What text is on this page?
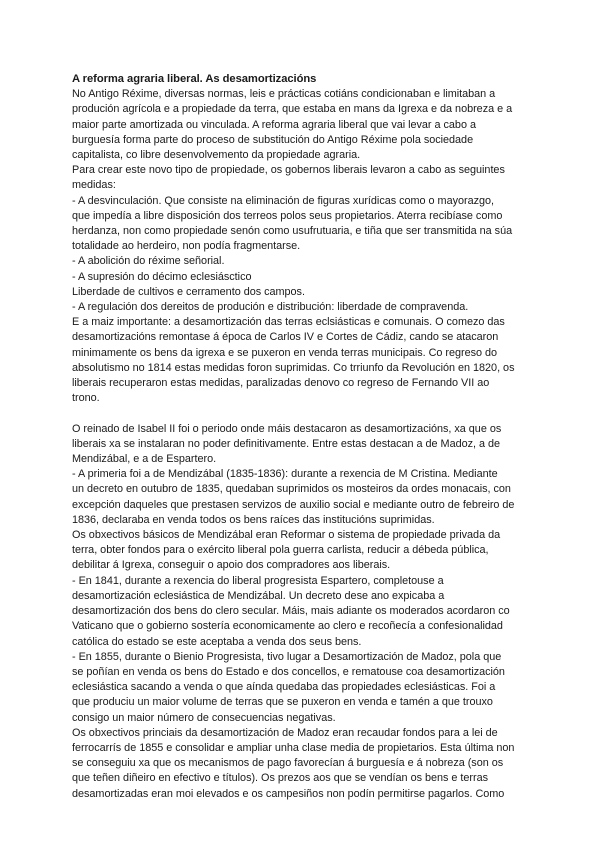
A reforma agraria liberal. As desamortizacións
No Antigo Réxime, diversas normas, leis e prácticas cotiáns condicionaban e limitaban a
produción agrícola e a propiedade da terra, que estaba en mans da Igrexa e da nobreza e a
maior parte amortizada ou vinculada. A reforma agraria liberal que vai levar a cabo a
burguesía forma parte do proceso de substitución do Antigo Réxime pola sociedade
capitalista, co libre desenvolvemento da propiedade agraria.
Para crear este novo tipo de propiedade, os gobernos liberais levaron a cabo as seguintes
medidas:
- A desvinculación. Que consiste na eliminación de figuras xurídicas como o mayorazgo,
que impedía a libre disposición dos terreos polos seus propietarios. Aterra recibíase como
herdanza, non como propiedade senón como usufrutuaria, e tiña que ser transmitida na súa
totalidade ao herdeiro, non podía fragmentarse.
- A abolición do réxime señorial.
- A supresión do décimo eclesiásctico
Liberdade de cultivos e cerramento dos campos.
- A regulación dos dereitos de produción e distribución: liberdade de compravenda.
E a maiz importante: a desamortización das terras eclsiásticas e comunais. O comezo das
desamortizacións remontase á época de Carlos IV e Cortes de Cádiz, cando se atacaron
minimamente os bens da igrexa e se puxeron en venda terras municipais. Co regreso do
absolutismo no 1814 estas medidas foron suprimidas. Co trriunfo da Revolución en 1820, os
liberais recuperaron estas medidas, paralizadas denovo co regreso de Fernando VII ao
trono.
O reinado de Isabel II foi o periodo onde máis destacaron as desamortizacións, xa que os
liberais xa se instalaran no poder definitivamente. Entre estas destacan a de Madoz, a de
Mendizábal, e a de Espartero.
- A primeria foi a de Mendizábal (1835-1836): durante a rexencia de M Cristina. Mediante
un decreto en outubro de 1835, quedaban suprimidos os mosteiros da ordes monacais, con
excepción daqueles que prestasen servizos de auxilio social e mediante outro de febreiro de
1836, declaraba en venda todos os bens raíces das institucións suprimidas.
Os obxectivos básicos de Mendizábal eran Reformar o sistema de propiedade privada da
terra, obter fondos para o exército liberal pola guerra carlista, reducir a débeda pública,
debilitar á Igrexa, conseguir o apoio dos compradores aos liberais.
- En 1841, durante a rexencia do liberal progresista Espartero, completouse a
desamortización eclesiástica de Mendizábal. Un decreto dese ano expicaba a
desamortización dos bens do clero secular. Máis, mais adiante os moderados acordaron co
Vaticano que o gobierno sostería economicamente ao clero e recoñecía a confesionalidad
católica do estado se este aceptaba a venda dos seus bens.
- En 1855, durante o Bienio Progresista, tivo lugar a Desamortización de Madoz, pola que
se poñían en venda os bens do Estado e dos concellos, e rematouse coa desamortización
eclesiástica sacando a venda o que aínda quedaba das propiedades eclesiásticas. Foi a
que produciu un maior volume de terras que se puxeron en venda e tamén a que trouxo
consigo un maior número de consecuencias negativas.
Os obxectivos princiais da desamortización de Madoz eran recaudar fondos para a lei de
ferrocarrís de 1855 e consolidar e ampliar unha clase media de propietarios. Esta última non
se conseguiu xa que os mecanismos de pago favorecían á burguesía e á nobreza (son os
que teñen diñeiro en efectivo e títulos). Os prezos aos que se vendían os bens e terras
desamortizadas eran moi elevados e os campesiños non podín permitirse pagarlos. Como
